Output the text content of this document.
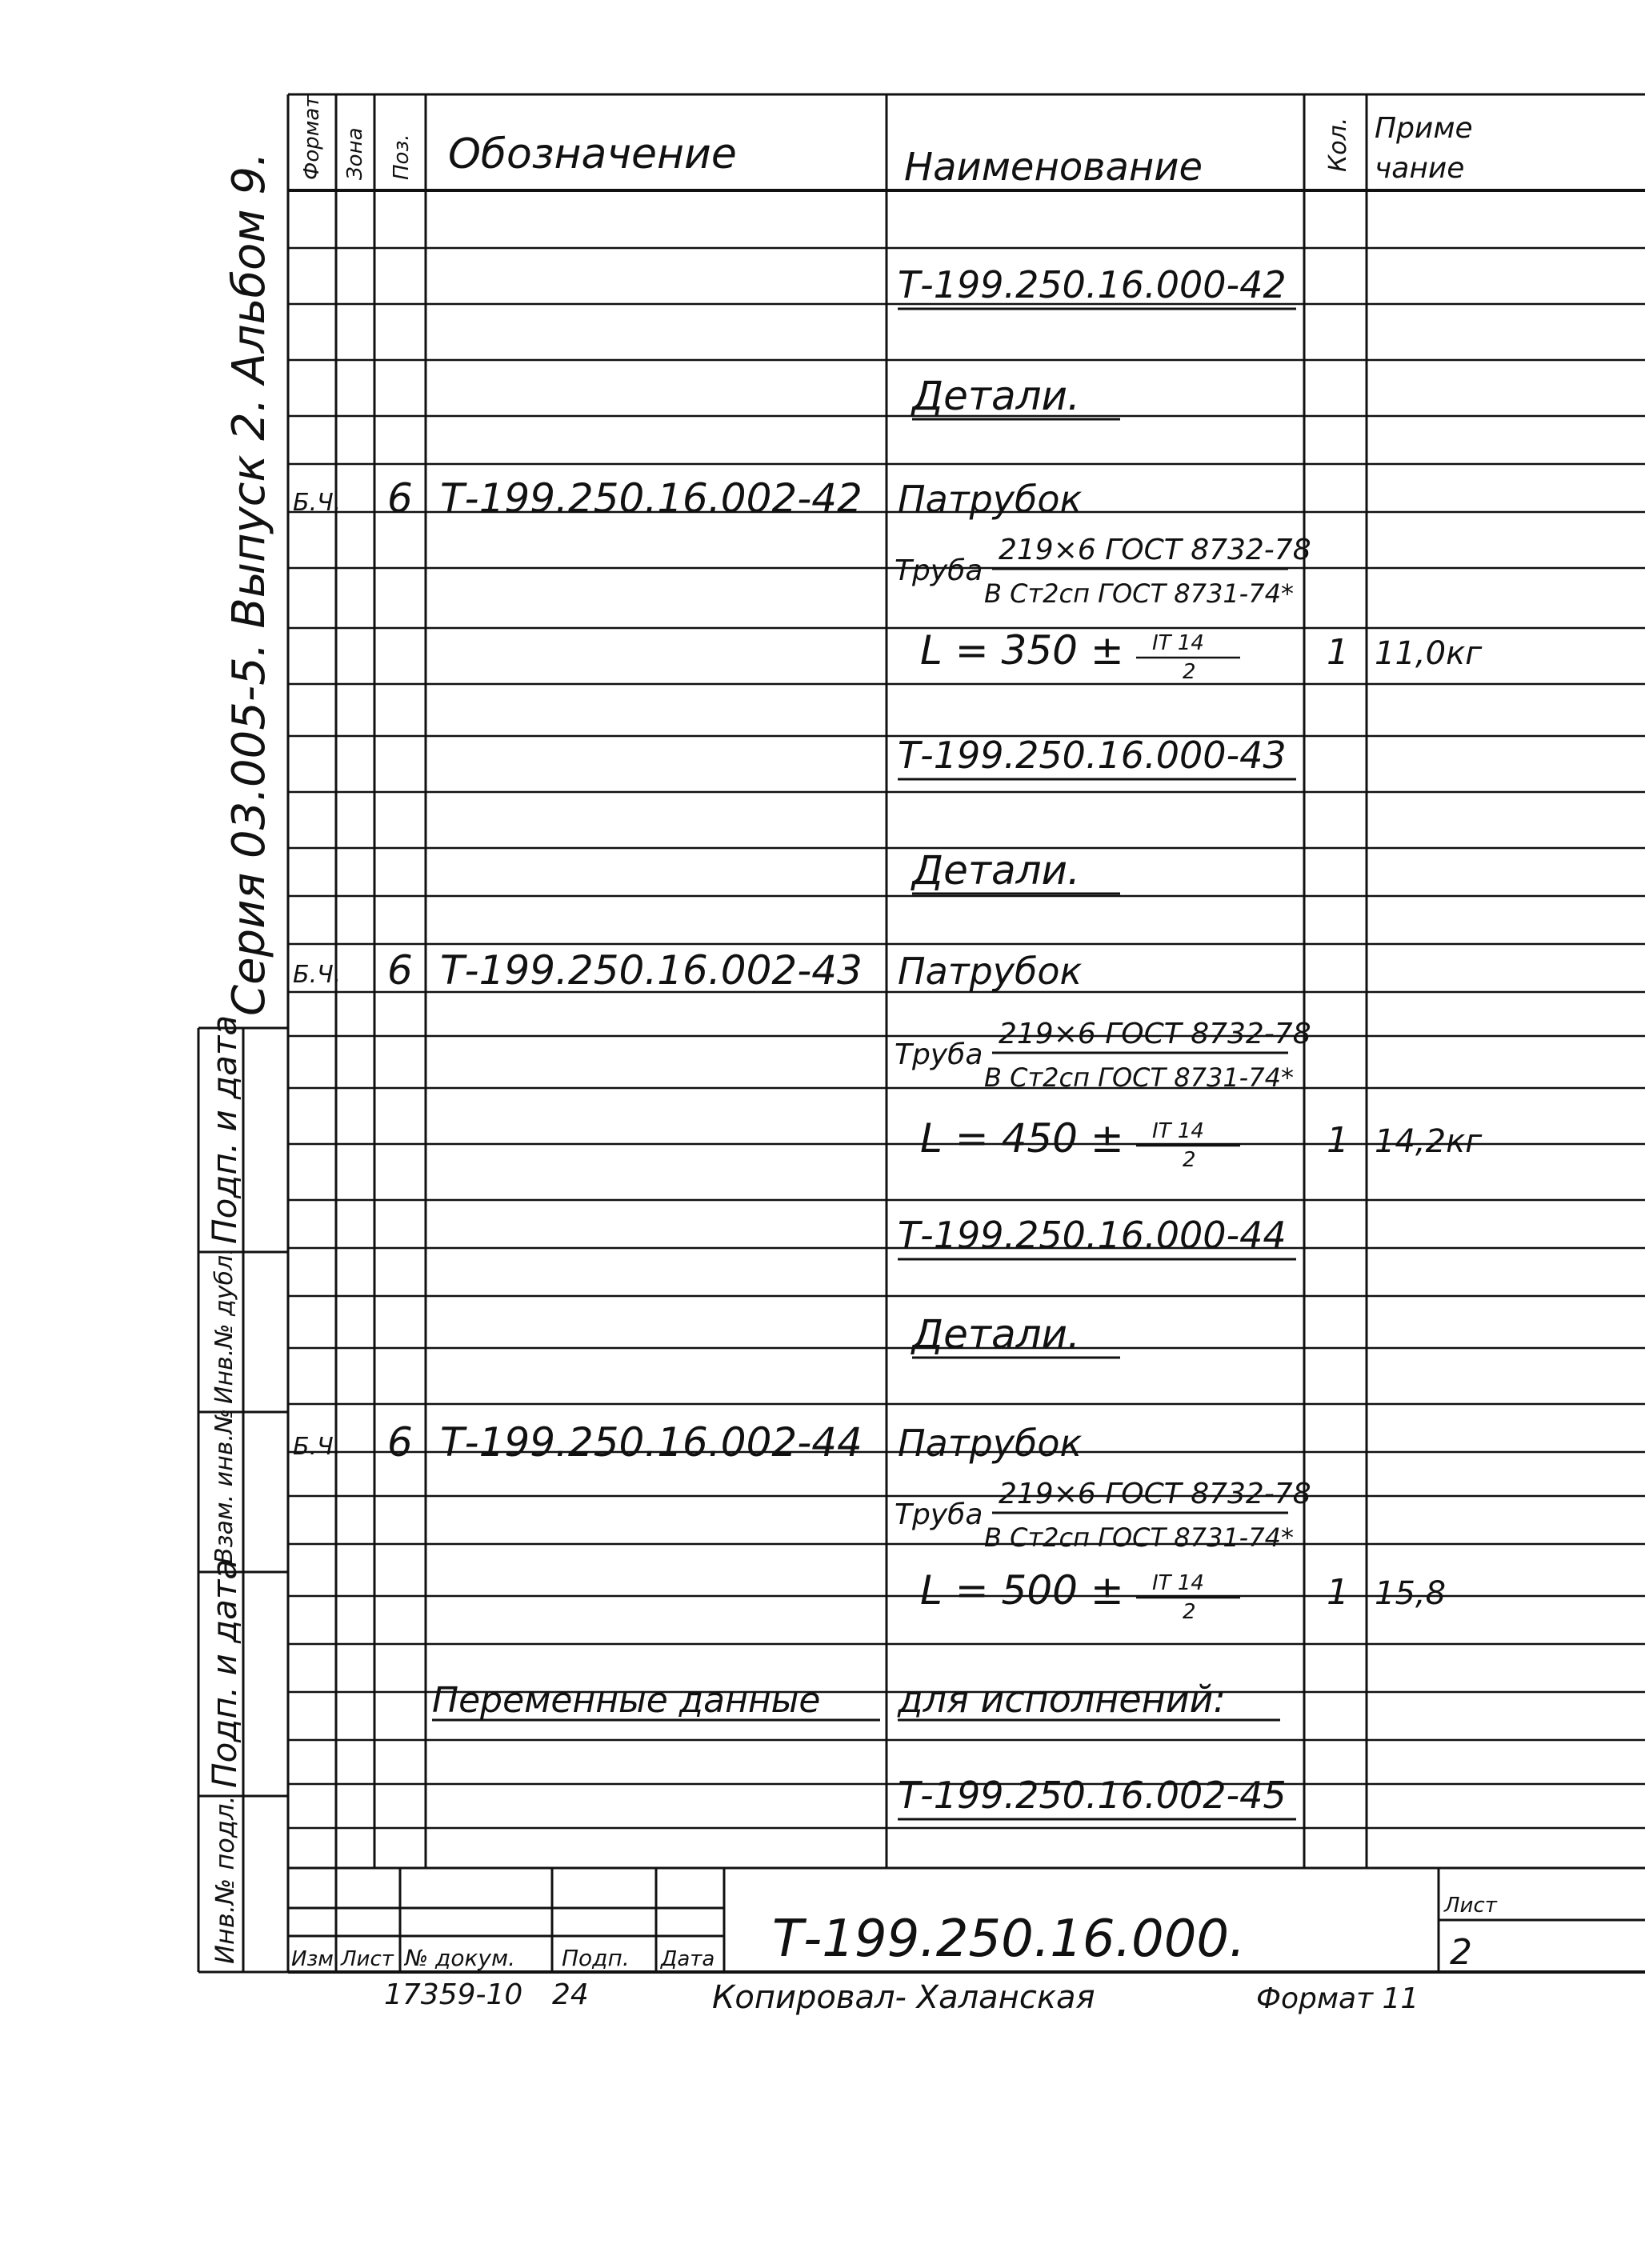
Формат Зона Поз. Обозначение	Наименование	Кол. Приме
чание
Т-199.250.16.000-42
Детали.
Б.Ч. 6 Т-199.250.16.002-42 Патрубок
Труба
219×6 ГОСТ 8732-78
В Ст2сп ГОСТ 8731-74*
L = 350 ± IT 14
2	1 11,0кг
Т-199.250.16.000-43
Детали.
Б.Ч. 6 Т-199.250.16.002-43 Патрубок
Труба
219×6 ГОСТ 8732-78
В Ст2сп ГОСТ 8731-74*
L = 450 ± IT 14
2	1 14,2кг
Т-199.250.16.000-44
Детали.
Б.Ч. 6 Т-199.250.16.002-44 Патрубок
Труба
219×6 ГОСТ 8732-78
В Ст2сп ГОСТ 8731-74*
L = 500 ± IT 14
2	1 15,8
Переменные данные для исполнений:
Т-199.250.16.002-45
Серия 03.005-5. Выпуск 2. Альбом 9.
Подп. и дата
Инв.№ дубл.
Взам. инв.№
Подп. и дата
Инв.№ подл. Изм. Лист № докум. Подп. Дата Т-199.250.16.000.
Лист
2
17359-10 24	Копировал- Халанская	Формат 11
